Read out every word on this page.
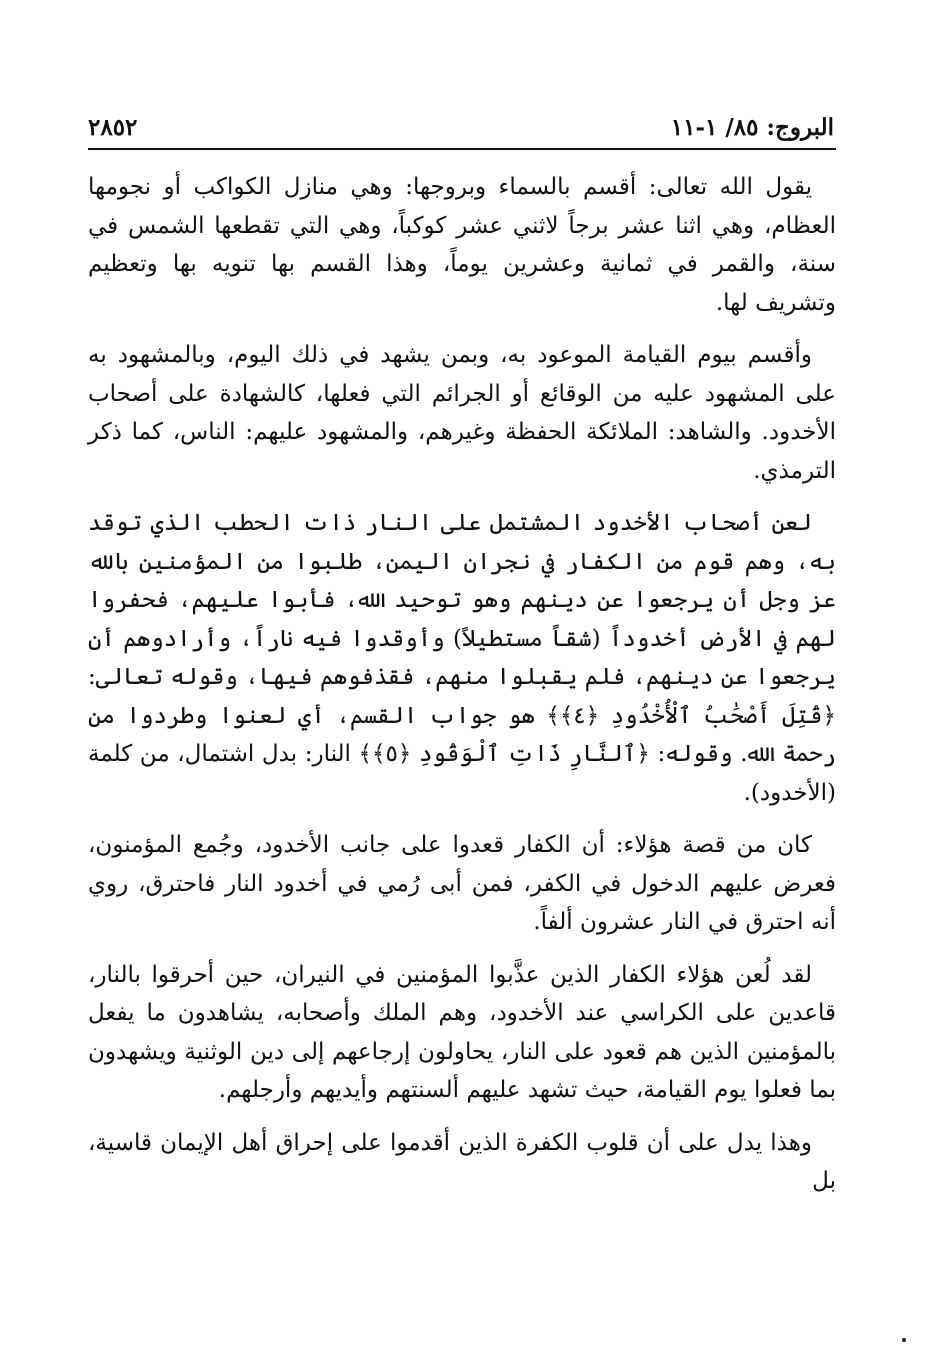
البروج: ٨٥/ ١-١١
٢٨٥٢

يقول الله تعالى: أقسم بالسماء وبروجها: وهي منازل الكواكب أو نجومها العظام، وهي اثنا عشر برجاً لاثني عشر كوكباً، وهي التي تقطعها الشمس في سنة، والقمر في ثمانية وعشرين يوماً، وهذا القسم بها تنويه بها وتعظيم وتشريف لها.

وأقسم بيوم القيامة الموعود به، وبمن يشهد في ذلك اليوم، وبالمشهود به على المشهود عليه من الوقائع أو الجرائم التي فعلها، كالشهادة على أصحاب الأخدود. والشاهد: الملائكة الحفظة وغيرهم، والمشهود عليهم: الناس، كما ذكر الترمذي.

لعن أصحاب الأخدود المشتمل على النار ذات الحطب الذي توقد به، وهم قوم من الكفار في نجران اليمن، طلبوا من المؤمنين بالله عز وجل أن يرجعوا عن دينهم وهو توحيد الله، فأبوا عليهم، فحفروا لهم في الأرض أخدوداً (شقاً مستطيلاً) وأوقدوا فيه ناراً، وأرادوهم أن يرجعوا عن دينهم، فلم يقبلوا منهم، فقذفوهم فيها، وقوله تعالى: ﴿قُتِلَ أَصْحَٰبُ ٱلْأُخْدُودِ ﴿٤﴾﴾ هو جواب القسم، أي لعنوا وطردوا من رحمة الله. وقوله: ﴿ٱلنَّارِ ذَاتِ ٱلْوَقُودِ ﴿٥﴾﴾ النار: بدل اشتمال، من كلمة (الأخدود).

كان من قصة هؤلاء: أن الكفار قعدوا على جانب الأخدود، وجُمع المؤمنون، فعرض عليهم الدخول في الكفر، فمن أبى رُمي في أخدود النار فاحترق، روي أنه احترق في النار عشرون ألفاً.

لقد لُعن هؤلاء الكفار الذين عذَّبوا المؤمنين في النيران، حين أحرقوا بالنار، قاعدين على الكراسي عند الأخدود، وهم الملك وأصحابه، يشاهدون ما يفعل بالمؤمنين الذين هم قعود على النار، يحاولون إرجاعهم إلى دين الوثنية ويشهدون بما فعلوا يوم القيامة، حيث تشهد عليهم ألسنتهم وأيديهم وأرجلهم.

وهذا يدل على أن قلوب الكفرة الذين أقدموا على إحراق أهل الإيمان قاسية، بل
